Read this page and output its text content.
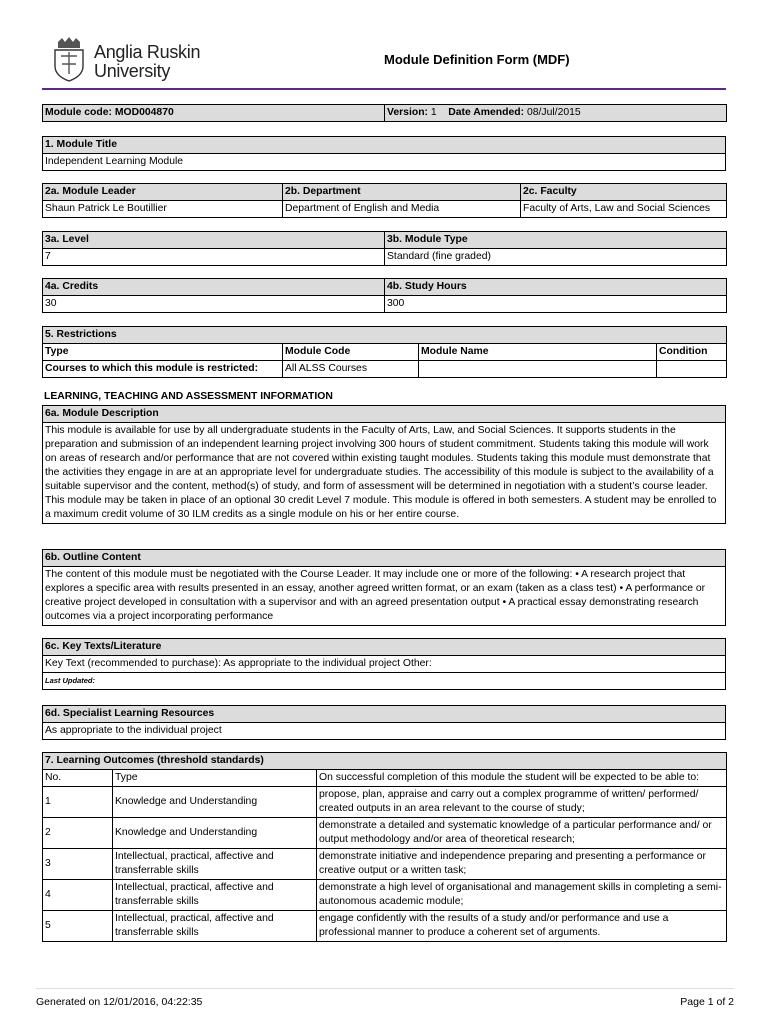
Anglia Ruskin
University
Module Definition Form (MDF)
Module code: MOD004870	Version: 1 Date Amended: 08/Jul/2015
1. Module Title
Independent Learning Module
2a. Module Leader	2b. Department	2c. Faculty
Shaun Patrick Le Boutillier	Department of English and Media	Faculty of Arts, Law and Social Sciences
3a. Level	3b. Module Type
7	Standard (fine graded)
4a. Credits	4b. Study Hours
30	300
5. Restrictions			
Type	Module Code	Module Name	Condition
Courses to which this module is restricted:	All ALSS Courses		
LEARNING, TEACHING AND ASSESSMENT INFORMATION
6a. Module Description
This module is available for use by all undergraduate students in the Faculty of Arts, Law, and Social Sciences. It supports students in the preparation and submission of an independent learning project involving 300 hours of student commitment. Students taking this module will work on areas of research and/or performance that are not covered within existing taught modules. Students taking this module must demonstrate that the activities they engage in are at an appropriate level for undergraduate studies. The accessibility of this module is subject to the availability of a suitable supervisor and the content, method(s) of study, and form of assessment will be determined in negotiation with a student’s course leader. This module may be taken in place of an optional 30 credit Level 7 module. This module is offered in both semesters. A student may be enrolled to a maximum credit volume of 30 ILM credits as a single module on his or her entire course.
6b. Outline Content
The content of this module must be negotiated with the Course Leader. It may include one or more of the following: • A research project that explores a specific area with results presented in an essay, another agreed written format, or an exam (taken as a class test) • A performance or creative project developed in consultation with a supervisor and with an agreed presentation output • A practical essay demonstrating research outcomes via a project incorporating performance
6c. Key Texts/Literature
Key Text (recommended to purchase): As appropriate to the individual project Other:
Last Updated:
6d. Specialist Learning Resources
As appropriate to the individual project
7. Learning Outcomes (threshold standards)		
No.	Type	On successful completion of this module the student will be expected to be able to:
1	Knowledge and Understanding	propose, plan, appraise and carry out a complex programme of written/ performed/ created outputs in an area relevant to the course of study;
2	Knowledge and Understanding	demonstrate a detailed and systematic knowledge of a particular performance and/ or output methodology and/or area of theoretical research;
3	Intellectual, practical, affective and transferrable skills	demonstrate initiative and independence preparing and presenting a performance or creative output or a written task;
4	Intellectual, practical, affective and transferrable skills	demonstrate a high level of organisational and management skills in completing a semi-autonomous academic module;
5	Intellectual, practical, affective and transferrable skills	engage confidently with the results of a study and/or performance and use a professional manner to produce a coherent set of arguments.
Generated on 12/01/2016, 04:22:35	Page 1 of 2
